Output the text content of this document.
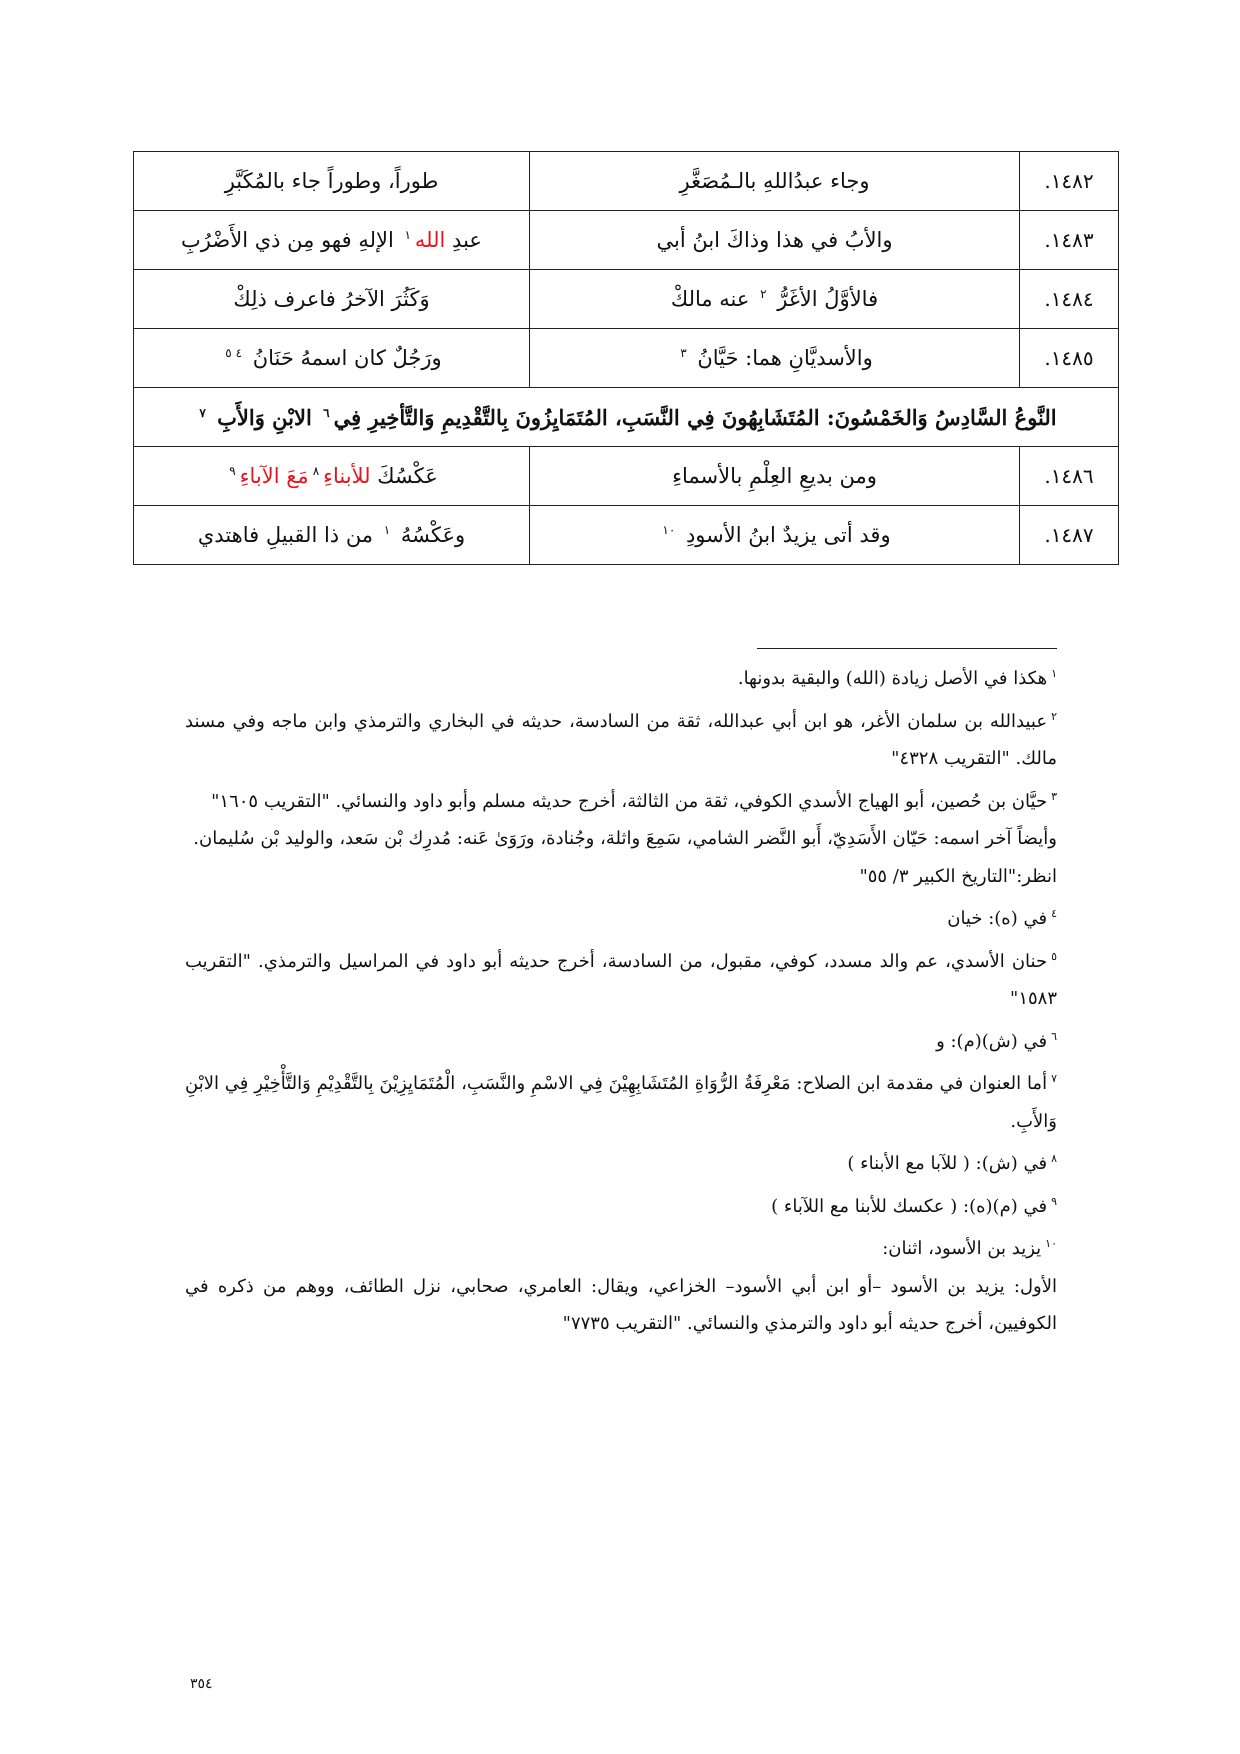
١٤٨٢.	وجاء عبدُاللهِ بالـمُصَغَّرِ	طوراً، وطوراً جاء بالمُكَبَّرِ
١٤٨٣.	والأبُ في هذا وذاكَ ابنُ أبي	عبدِ الله$^١$ الإلهِ فهو مِن ذي الأَضْرُبِ
١٤٨٤.	فالأوَّلُ الأغَرُّ $^٢$ عنه مالكْ	وَكَثُرَ الآخرُ فاعرف ذلِكْ
١٤٨٥.	والأسديَّانِ هما: حَيَّانُ $^٣$	ورَجُلٌ كان اسمهُ حَنَانُ $^{٤ ٥}$
النَّوعُ السَّادِسُ وَالخَمْسُونَ: المُتَشَابِهُونَ فِي النَّسَبِ، المُتَمَايِزُونَ بِالتَّقْدِيمِ وَالتَّأخِيرِ فِي$^٦$ الابْنِ وَالأَبِ $^٧$
١٤٨٦.	ومن بديعِ العِلْمِ بالأسماءِ	عَكْسُكَ للأبناءِ$^٨$مَعَ الآباءِ$^٩$
١٤٨٧.	وقد أتى يزيدٌ ابنُ الأسودِ $^{١٠}$	وعَكْسُهُ $^١$ من ذا القبيلِ فاهتدي

$^١$هكذا في الأصل زيادة (الله) والبقية بدونها.

$^٢$عبيدالله بن سلمان الأغر، هو ابن أبي عبدالله، ثقة من السادسة، حديثه في البخاري والترمذي وابن ماجه وفي مسند مالك. "التقريب ٤٣٢٨"

$^٣$حيَّان بن حُصين، أبو الهياج الأسدي الكوفي، ثقة من الثالثة، أخرج حديثه مسلم وأبو داود والنسائي. "التقريب ١٦٠٥"

وأيضاً آخر اسمه: حَيّان الأَسَدِيّ، أَبو النَّضر الشامي، سَمِعَ واثلة، وجُنادة، ورَوَىٰ عَنه: مُدرِك بْن سَعد، والوليد بْن سُليمان.

انظر:"التاريخ الكبير ٣/ ٥٥"

$^٤$في (ه): خيان

$^٥$حنان الأسدي، عم والد مسدد، كوفي، مقبول، من السادسة، أخرج حديثه أبو داود في المراسيل والترمذي. "التقريب ١٥٨٣"

$^٦$في (ش)(م): و

$^٧$أما العنوان في مقدمة ابن الصلاح: مَعْرِفَةُ الرُّوَاةِ المُتَشَابِهِيْنَ فِي الاسْمِ والنَّسَبِ، الْمُتَمَايِزِيْنَ بِالتَّقْدِيْمِ وَالتَّأْخِيْرِ فِي الابْنِ وَالأَبِ.

$^٨$في (ش): ( للآبا مع الأبناء )

$^٩$في (م)(ه): ( عكسك للأبنا مع اللآباء )

$^{١٠}$يزيد بن الأسود، اثنان:

الأول: يزيد بن الأسود –أو ابن أبي الأسود– الخزاعي، ويقال: العامري، صحابي، نزل الطائف، ووهم من ذكره في الكوفيين، أخرج حديثه أبو داود والترمذي والنسائي. "التقريب ٧٧٣٥"

٣٥٤
